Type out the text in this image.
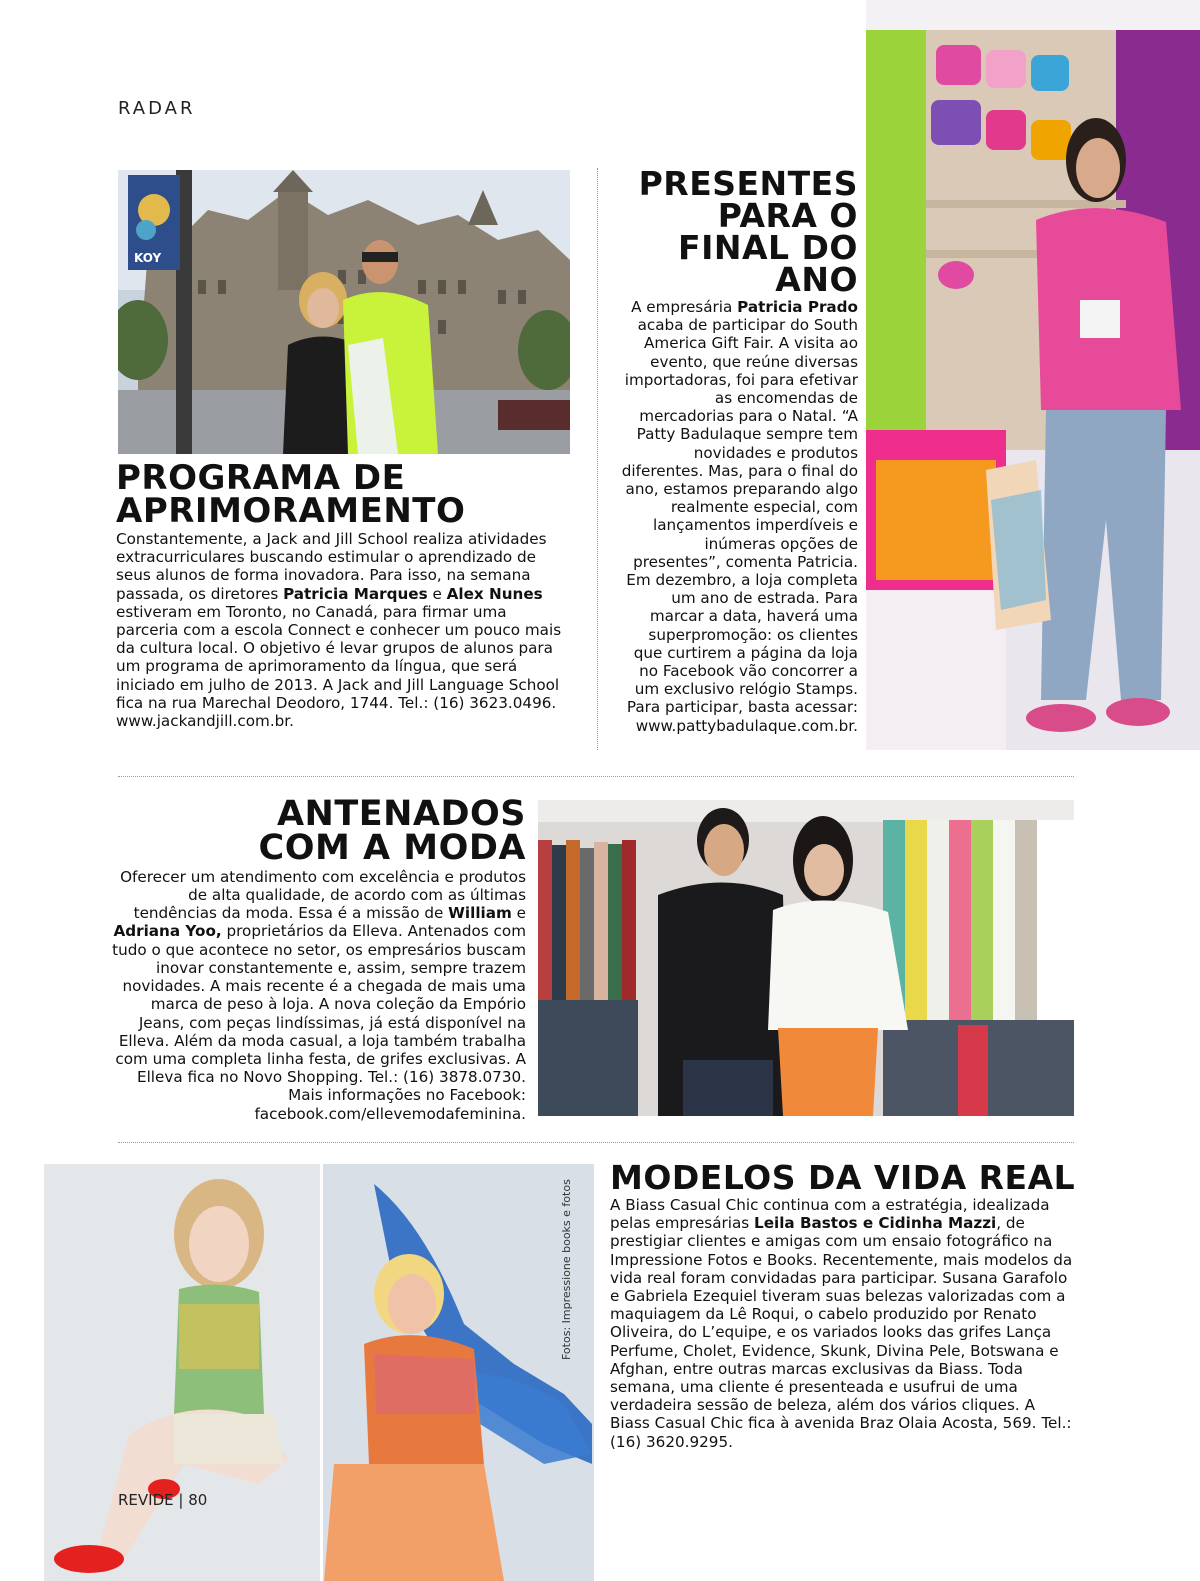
RADAR
KOY
PROGRAMA DE
APRIMORAMENTO

Constantemente, a Jack and Jill School realiza atividades extracurriculares buscando estimular o aprendizado de seus alunos de forma inovadora. Para isso, na semana passada, os diretores Patricia Marques e Alex Nunes estiveram em Toronto, no Canadá, para firmar uma parceria com a escola Connect e conhecer um pouco mais da cultura local. O objetivo é levar grupos de alunos para um programa de aprimoramento da língua, que será iniciado em julho de 2013. A Jack and Jill Language School fica na rua Marechal Deodoro, 1744. Tel.: (16) 3623.0496. www.jackandjill.com.br.

PRESENTES
PARA O
FINAL DO
ANO

A empresária Patricia Prado acaba de participar do South America Gift Fair. A visita ao evento, que reúne diversas importadoras, foi para efetivar as encomendas de mercadorias para o Natal. “A Patty Badulaque sempre tem novidades e produtos diferentes. Mas, para o final do ano, estamos preparando algo realmente especial, com lançamentos imperdíveis e inúmeras opções de presentes”, comenta Patricia. Em dezembro, a loja completa um ano de estrada. Para marcar a data, haverá uma superpromoção: os clientes que curtirem a página da loja no Facebook vão concorrer a um exclusivo relógio Stamps. Para participar, basta acessar: www.pattybadulaque.com.br.

ANTENADOS
COM A MODA

Oferecer um atendimento com excelência e produtos de alta qualidade, de acordo com as últimas tendências da moda. Essa é a missão de William e Adriana Yoo, proprietários da Elleva. Antenados com tudo o que acontece no setor, os empresários buscam inovar constantemente e, assim, sempre trazem novidades. A mais recente é a chegada de mais uma marca de peso à loja. A nova coleção da Empório Jeans, com peças lindíssimas, já está disponível na Elleva. Além da moda casual, a loja também trabalha com uma completa linha festa, de grifes exclusivas. A Elleva fica no Novo Shopping. Tel.: (16) 3878.0730. Mais informações no Facebook: facebook.com/ellevemodafeminina.

Fotos: Impressione books e fotos
MODELOS DA VIDA REAL

A Biass Casual Chic continua com a estratégia, idealizada pelas empresárias Leila Bastos e Cidinha Mazzi, de prestigiar clientes e amigas com um ensaio fotográfico na Impressione Fotos e Books. Recentemente, mais modelos da vida real foram convidadas para participar. Susana Garafolo e Gabriela Ezequiel tiveram suas belezas valorizadas com a maquiagem da Lê Roqui, o cabelo produzido por Renato Oliveira, do L’equipe, e os variados looks das grifes Lança Perfume, Cholet, Evidence, Skunk, Divina Pele, Botswana e Afghan, entre outras marcas exclusivas da Biass. Toda semana, uma cliente é presenteada e usufrui de uma verdadeira sessão de beleza, além dos vários cliques. A Biass Casual Chic fica à avenida Braz Olaia Acosta, 569. Tel.: (16) 3620.9295.

REVIDE | 80
